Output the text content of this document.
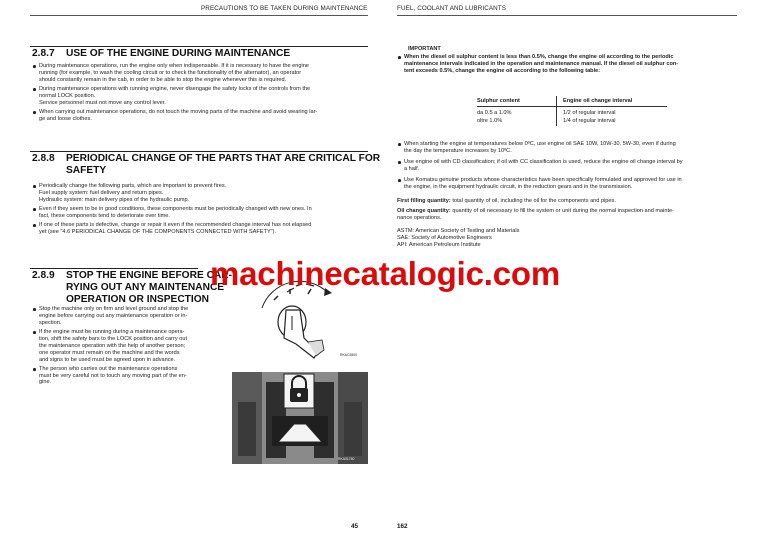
PRECAUTIONS TO BE TAKEN DURING MAINTENANCE
2.8.7 USE OF THE ENGINE DURING MAINTENANCE
During maintenance operations, run the engine only when indispensable. If it is necessary to have the engine
running (for example, to wash the cooling circuit or to check the functionality of the alternator), an operator
should constantly remain in the cab, in order to be able to stop the engine whenever this is required.
During maintenance operations with running engine, never disengage the safety locks of the controls from the
normal LOCK position.
Service personnel must not move any control lever.
When carrying out maintenance operations, do not touch the moving parts of the machine and avoid wearing lar-
ge and loose clothes.
2.8.8 PERIODICAL CHANGE OF THE PARTS THAT ARE CRITICAL FOR
SAFETY
Periodically change the following parts, which are important to prevent fires.
Fuel supply system: fuel delivery and return pipes.
Hydraulic system: main delivery pipes of the hydraulic pump.
Even if they seem to be in good conditions, these components must be periodically changed with new ones. In
fact, these components tend to deteriorate over time.
If one of these parts is defective, change or repair it even if the recommended change interval has not elapsed
yet (see "4.6 PERIODICAL CHANGE OF THE COMPONENTS CONNECTED WITH SAFETY").
2.8.9 STOP THE ENGINE BEFORE CAR-
RYING OUT ANY MAINTENANCE
OPERATION OR INSPECTION
Stop the machine only on firm and level ground and stop the
engine before carrying out any maintenance operation or in-
spection.
If the engine must be running during a maintenance opera-
tion, shift the safety bars to the LOCK position and carry out
the maintenance operation with the help of another person;
one operator must remain on the machine and the words
and signs to be used must be agreed upon in advance.
The person who carries out the maintenance operations
must be very careful not to touch any moving part of the en-
gine.
RKAC2800
RKA01760
45
FUEL, COOLANT AND LUBRICANTS
IMPORTANT
When the diesel oil sulphur content is less than 0.5%, change the engine oil according to the periodic
maintenance intervals indicated in the operation and maintenance manual. If the diesel oil sulphur con-
tent exceeds 0.5%, change the engine oil according to the following table:
Sulphur content	Engine oil change interval
da 0.5 a 1.0%	1/2 of regular interval
oltre 1.0%	1/4 of regular interval
When starting the engine at temperatures below 0ºC, use engine oil SAE 10W, 10W-30, 5W-30, even if during
the day the temperature increases by 10ºC.
Use engine oil with CD classification; if oil with CC classification is used, reduce the engine oil change interval by
a half.
Use Komatsu genuine products whose characteristics have been specifically formulated and approved for use in
the engine, in the equipment hydraulic circuit, in the reduction gears and in the transmission.
First filling quantity: total quantity of oil, including the oil for the components and pipes.
Oil change quantity: quantity of oil necessary to fill the system or unit during the normal inspection and mainte-
nance operations.
ASTM: American Society of Testing and Materials
SAE: Society of Automotive Engineers
API: American Petroleum Institute
162
machinecatalogic.com
